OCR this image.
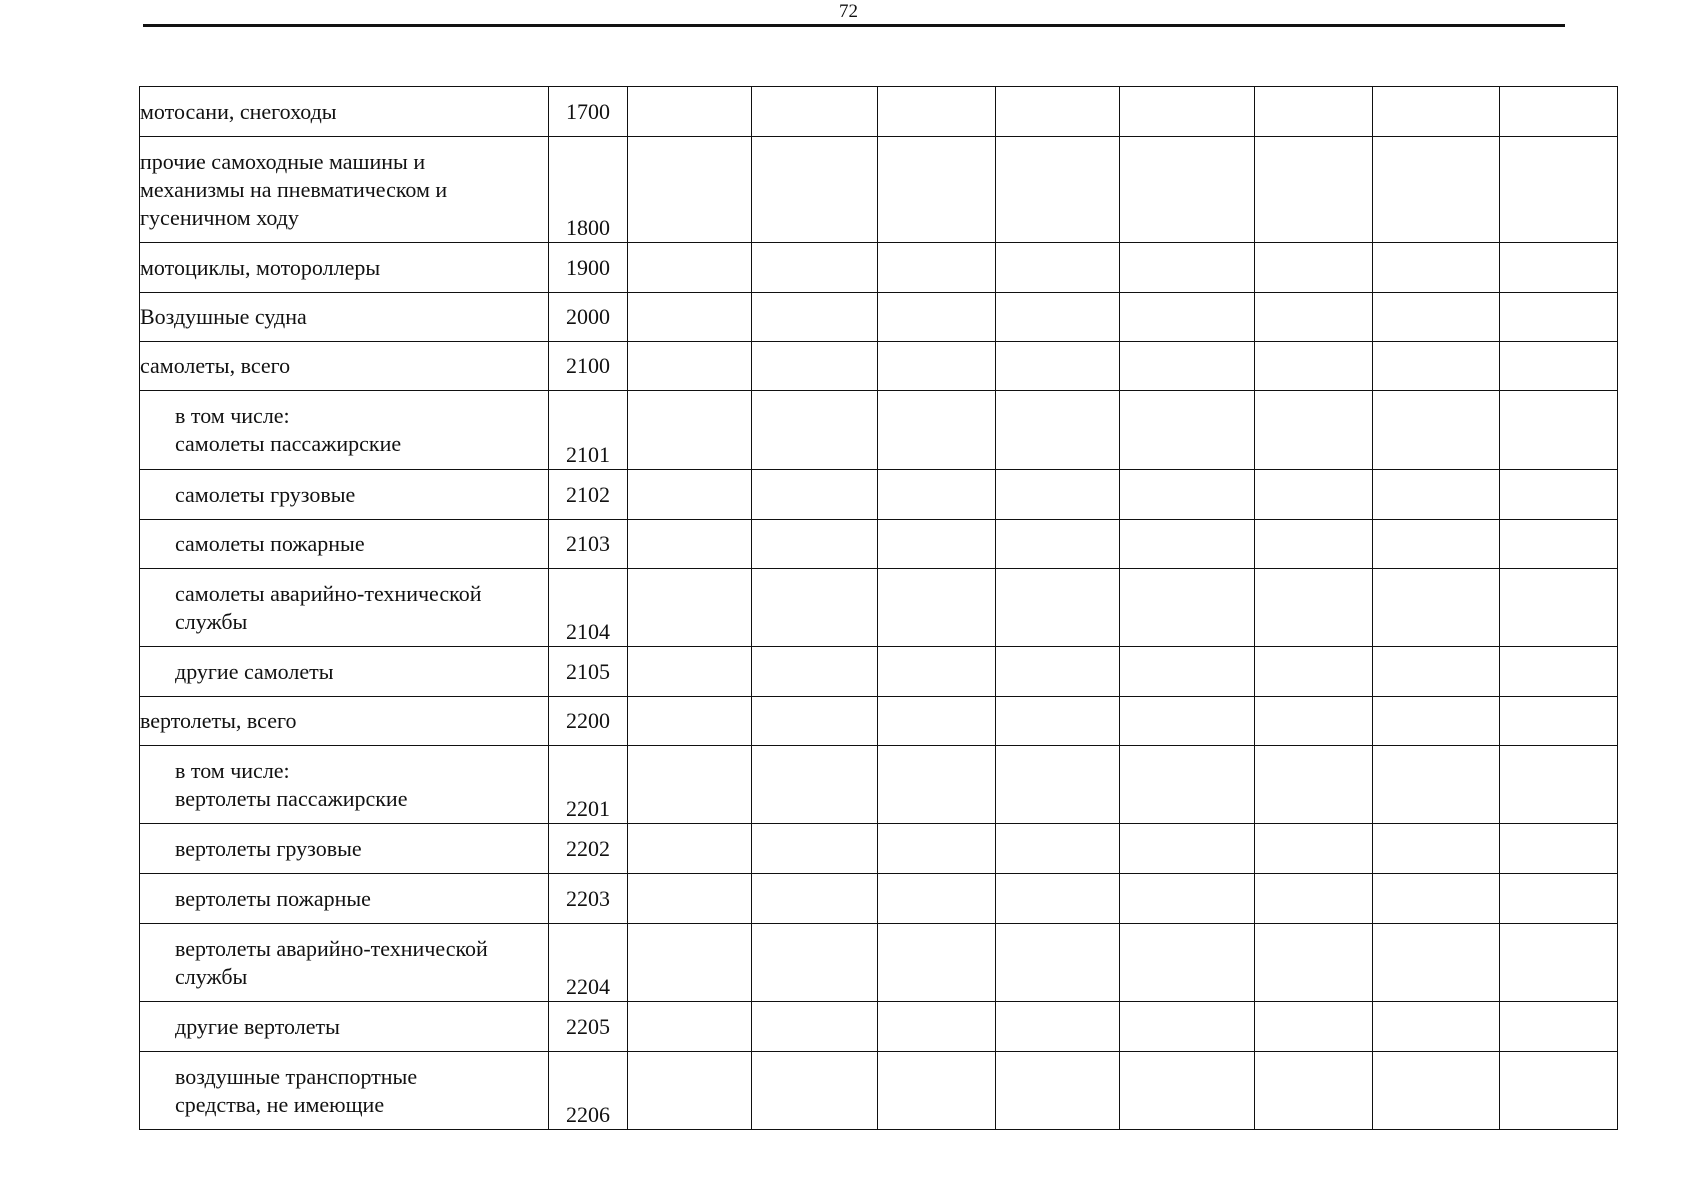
72
мотосани, снегоходы	1700								

прочие самоходные машины и
механизмы на пневматическом и
гусеничном ходу	1800								

мотоциклы, мотороллеры	1900								

Воздушные судна	2000								

самолеты, всего	2100								

в том числе:
самолеты пассажирские	2101								

самолеты грузовые	2102								

самолеты пожарные	2103								

самолеты аварийно-технической
службы	2104								

другие самолеты	2105								

вертолеты, всего	2200								

в том числе:
вертолеты пассажирские	2201								

вертолеты грузовые	2202								

вертолеты пожарные	2203								

вертолеты аварийно-технической
службы	2204								

другие вертолеты	2205								

воздушные транспортные
средства, не имеющие	2206								
